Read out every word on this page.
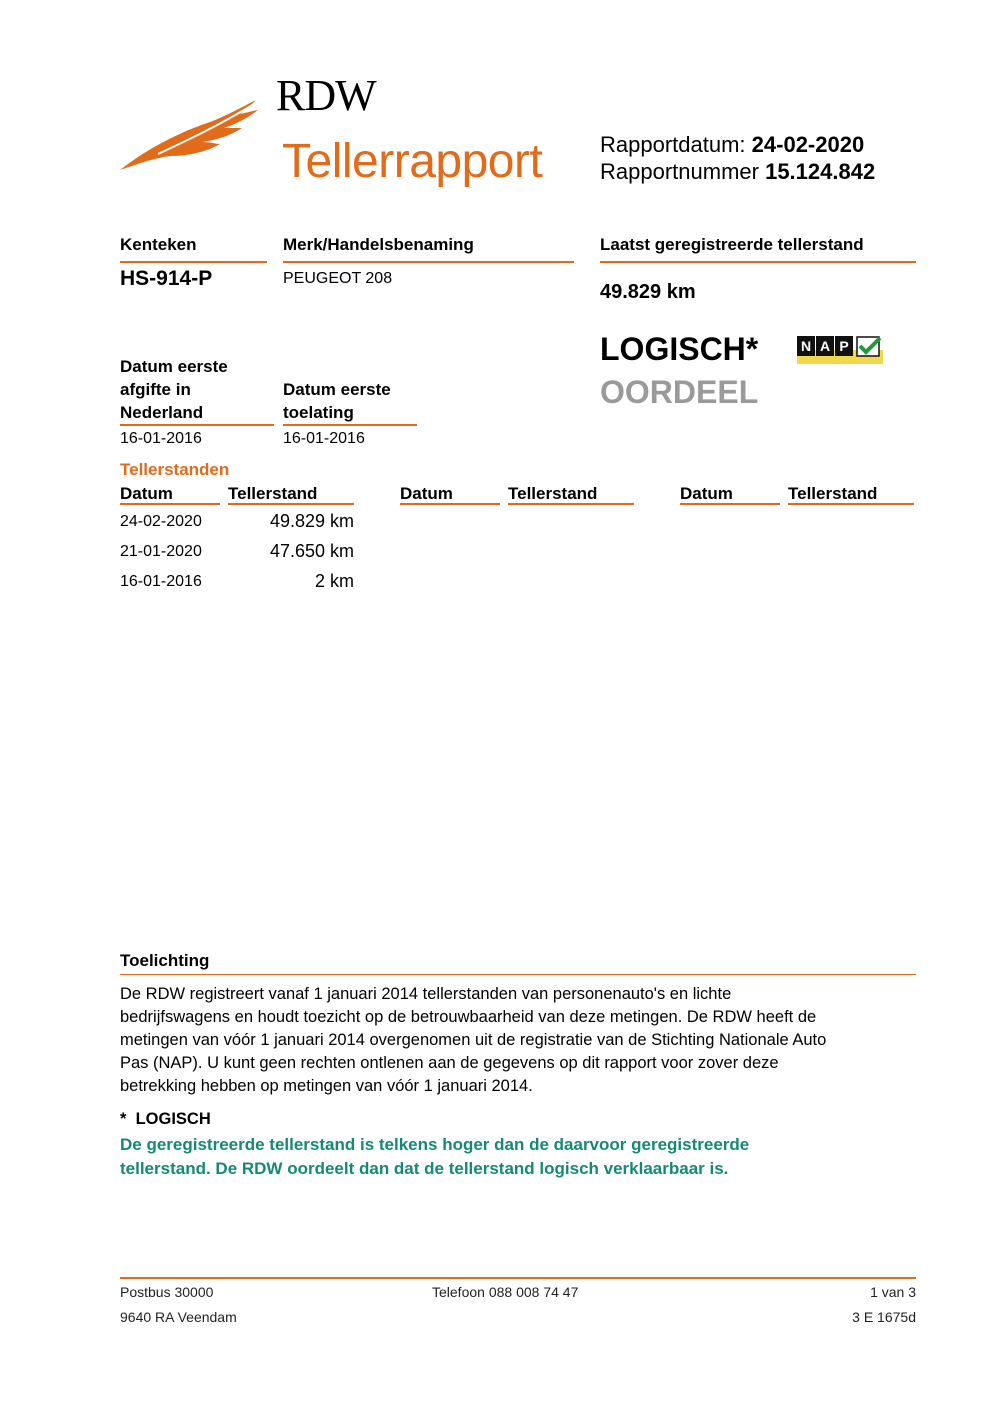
RDW
Tellerrapport	Rapportdatum: 24-02-2020
Rapportnummer 15.124.842
Kenteken
HS-914-P
Merk/Handelsbenaming
PEUGEOT 208
Laatst geregistreerde tellerstand
49.829 km
LOGISCH*
OORDEEL
N A P
Datum eerste
afgifte in
Nederland
16-01-2016
Datum eerste
toelating
16-01-2016
Tellerstanden
Datum	Tellerstand	Datum	Tellerstand	Datum	Tellerstand
24-02-2020	49.829 km
21-01-2020	47.650 km
16-01-2016	2 km
Toelichting
De RDW registreert vanaf 1 januari 2014 tellerstanden van personenauto's en lichte
bedrijfswagens en houdt toezicht op de betrouwbaarheid van deze metingen. De RDW heeft de
metingen van vóór 1 januari 2014 overgenomen uit de registratie van de Stichting Nationale Auto
Pas (NAP). U kunt geen rechten ontlenen aan de gegevens op dit rapport voor zover deze
betrekking hebben op metingen van vóór 1 januari 2014.
*  LOGISCH
De geregistreerde tellerstand is telkens hoger dan de daarvoor geregistreerde
tellerstand. De RDW oordeelt dan dat de tellerstand logisch verklaarbaar is.
Postbus 30000
9640 RA Veendam
Telefoon 088 008 74 47	1 van 3
3 E 1675d
